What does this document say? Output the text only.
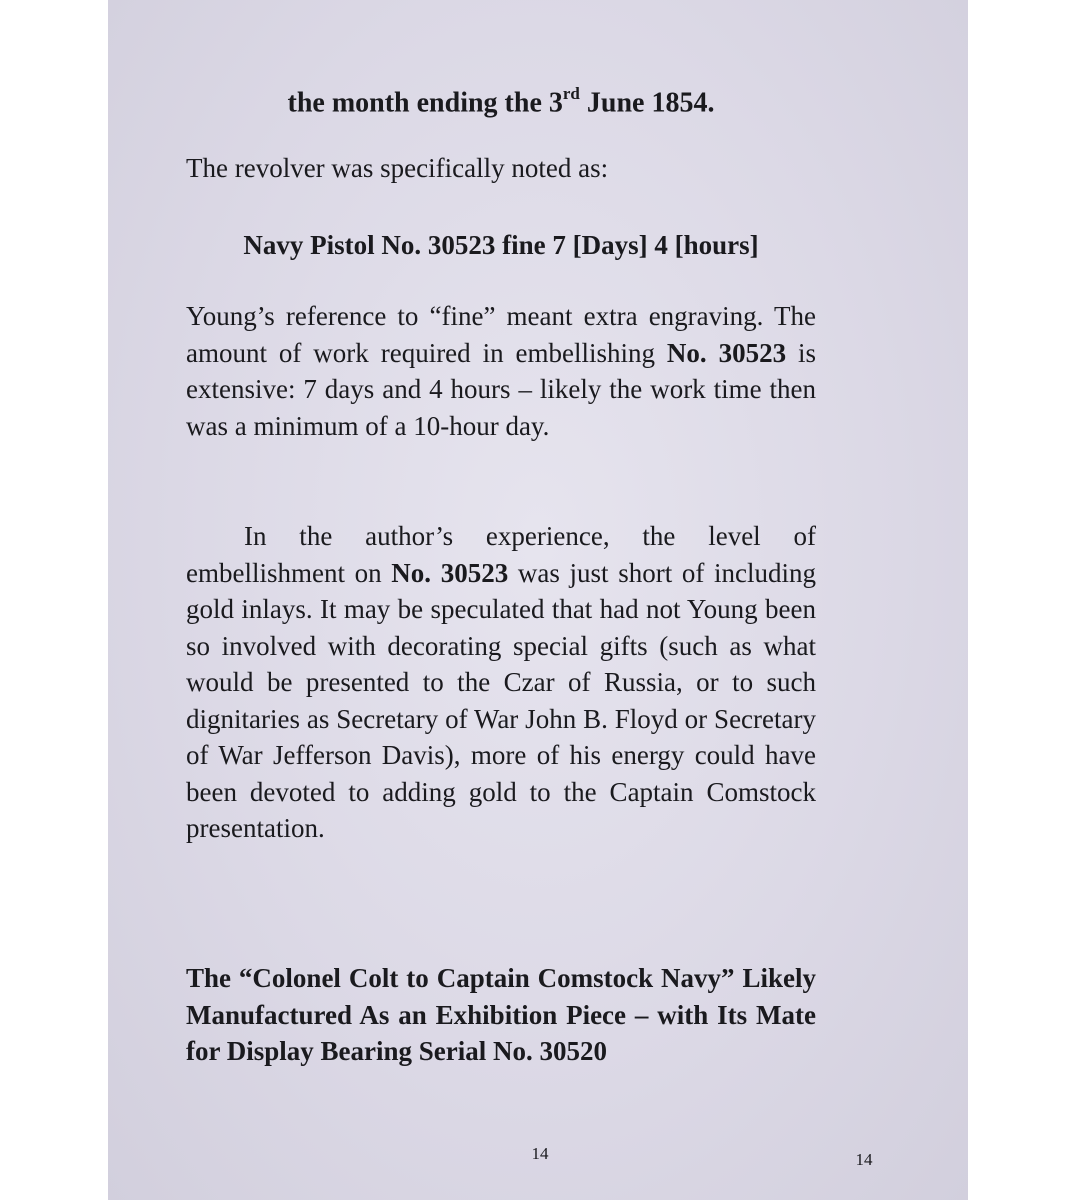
the month ending the 3rd June 1854.
The revolver was specifically noted as:
Navy Pistol No. 30523 fine 7 [Days] 4 [hours]
Young’s reference to “fine” meant extra engraving. The amount of work required in embellishing No. 30523 is extensive: 7 days and 4 hours – likely the work time then was a minimum of a 10-hour day.
In the author’s experience, the level of embellishment on No. 30523 was just short of including gold inlays. It may be speculated that had not Young been so involved with decorating special gifts (such as what would be presented to the Czar of Russia, or to such dignitaries as Secretary of War John B. Floyd or Secretary of War Jefferson Davis), more of his energy could have been devoted to adding gold to the Captain Comstock presentation.
The “Colonel Colt to Captain Comstock Navy” Likely Manufactured As an Exhibition Piece – with Its Mate for Display Bearing Serial No. 30520
14	14
